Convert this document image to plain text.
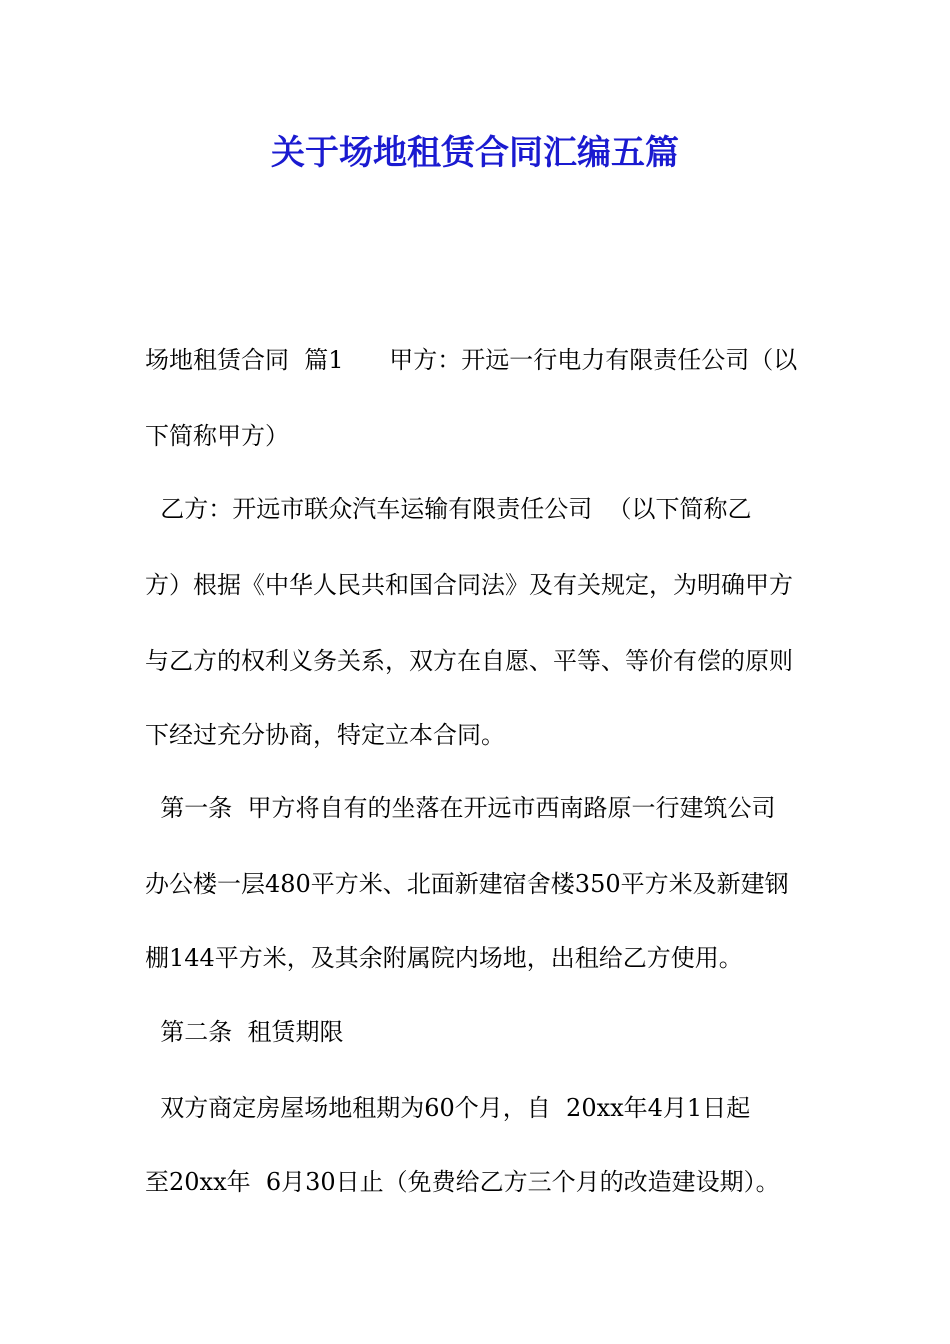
关于场地租赁合同汇编五篇

场地租赁合同  篇1      甲方：开远一行电力有限责任公司（以

下简称甲方）

乙方：开远市联众汽车运输有限责任公司  （以下简称乙

方）根据《中华人民共和国合同法》及有关规定，为明确甲方

与乙方的权利义务关系，双方在自愿、平等、等价有偿的原则

下经过充分协商，特定立本合同。

第一条  甲方将自有的坐落在开远市西南路原一行建筑公司

办公楼一层480平方米、北面新建宿舍楼350平方米及新建钢

棚144平方米，及其余附属院内场地，出租给乙方使用。

第二条  租赁期限

双方商定房屋场地租期为60个月，自  20xx年4月1日起

至20xx年  6月30日止（免费给乙方三个月的改造建设期）。
